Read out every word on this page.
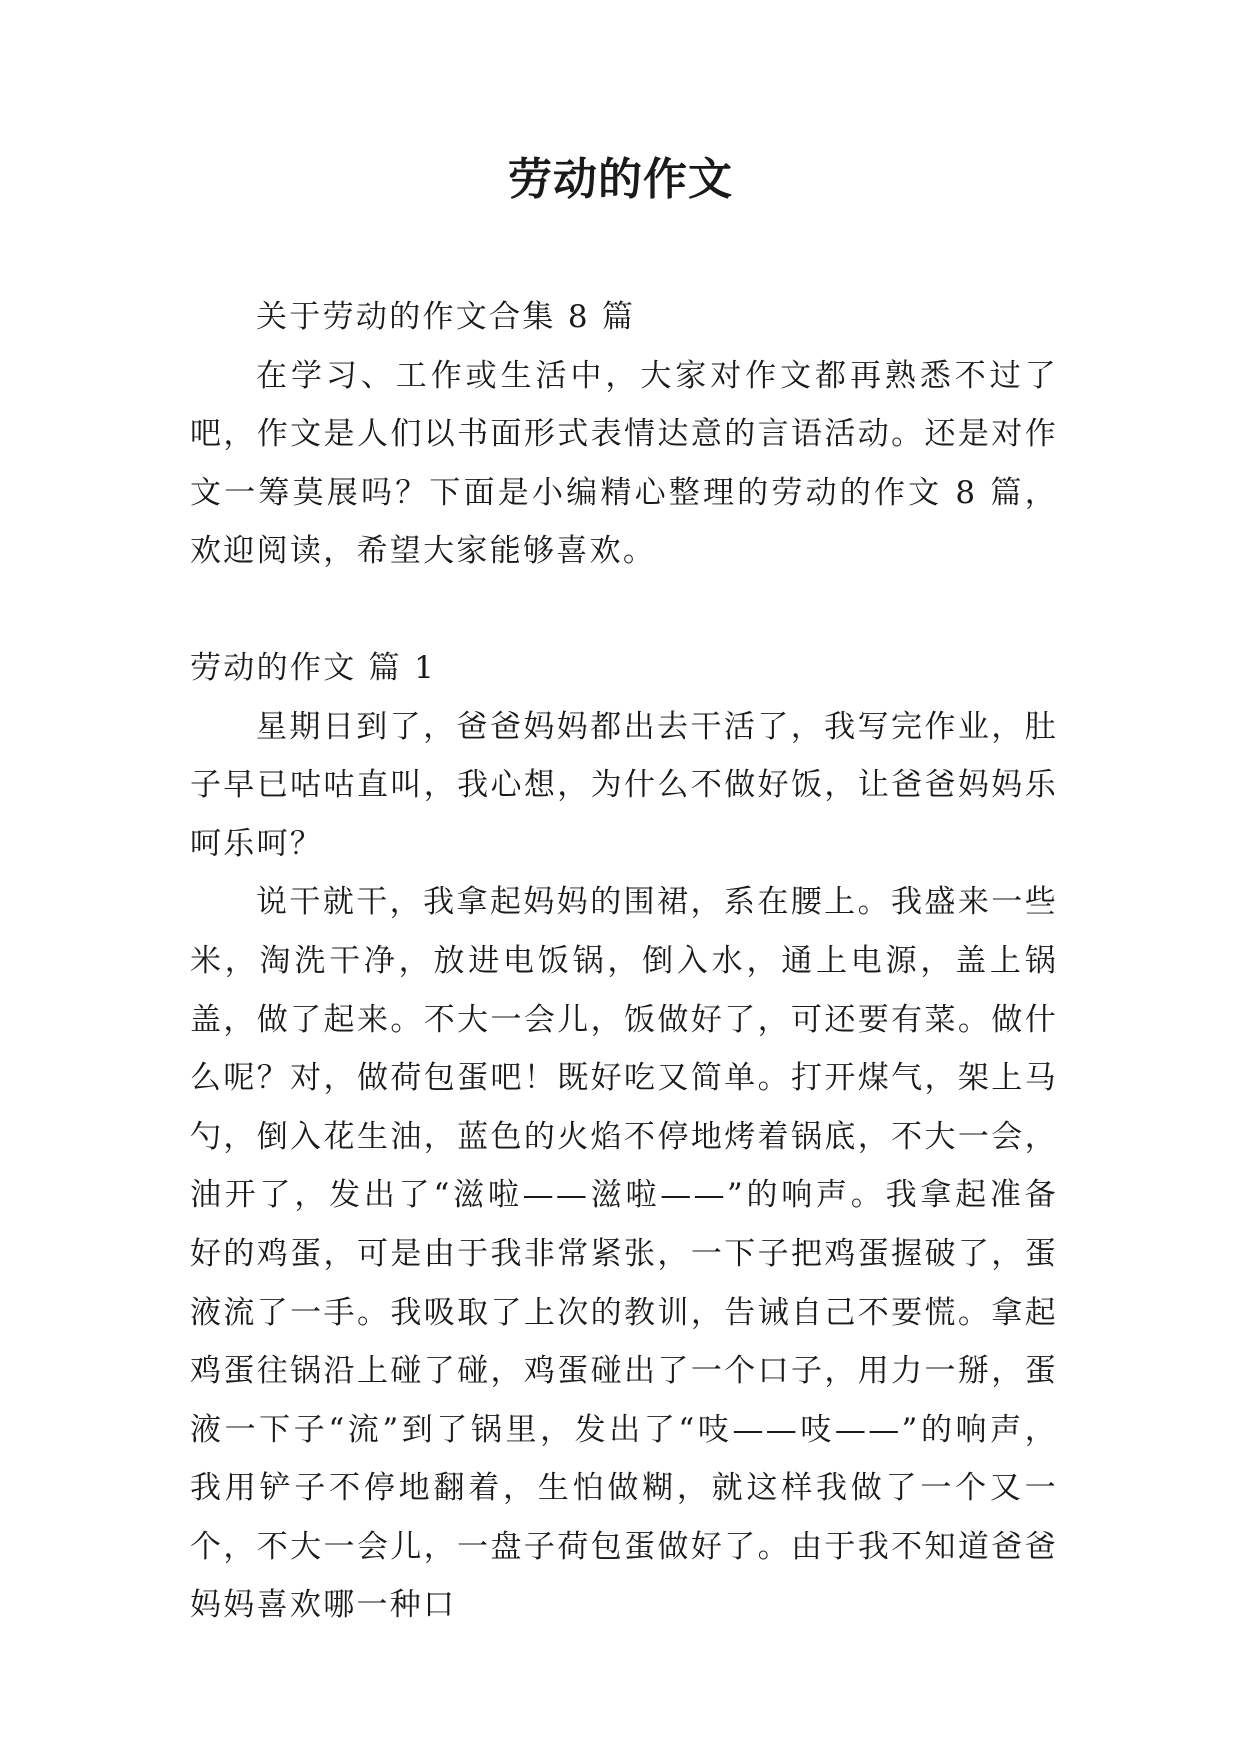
劳动的作文

关于劳动的作文合集 8 篇

在学习、工作或生活中，大家对作文都再熟悉不过了吧，作文是人们以书面形式表情达意的言语活动。还是对作文一筹莫展吗？下面是小编精心整理的劳动的作文 8 篇，欢迎阅读，希望大家能够喜欢。

劳动的作文 篇 1

星期日到了，爸爸妈妈都出去干活了，我写完作业，肚子早已咕咕直叫，我心想，为什么不做好饭，让爸爸妈妈乐呵乐呵？

说干就干，我拿起妈妈的围裙，系在腰上。我盛来一些米，淘洗干净，放进电饭锅，倒入水，通上电源，盖上锅盖，做了起来。不大一会儿，饭做好了，可还要有菜。做什么呢？对，做荷包蛋吧！既好吃又简单。打开煤气，架上马勺，倒入花生油，蓝色的火焰不停地烤着锅底，不大一会，油开了，发出了“滋啦——滋啦——”的响声。我拿起准备好的鸡蛋，可是由于我非常紧张，一下子把鸡蛋握破了，蛋液流了一手。我吸取了上次的教训，告诫自己不要慌。拿起鸡蛋往锅沿上碰了碰，鸡蛋碰出了一个口子，用力一掰，蛋液一下子“流”到了锅里，发出了“吱——吱——”的响声，我用铲子不停地翻着，生怕做糊，就这样我做了一个又一个，不大一会儿，一盘子荷包蛋做好了。由于我不知道爸爸妈妈喜欢哪一种口
